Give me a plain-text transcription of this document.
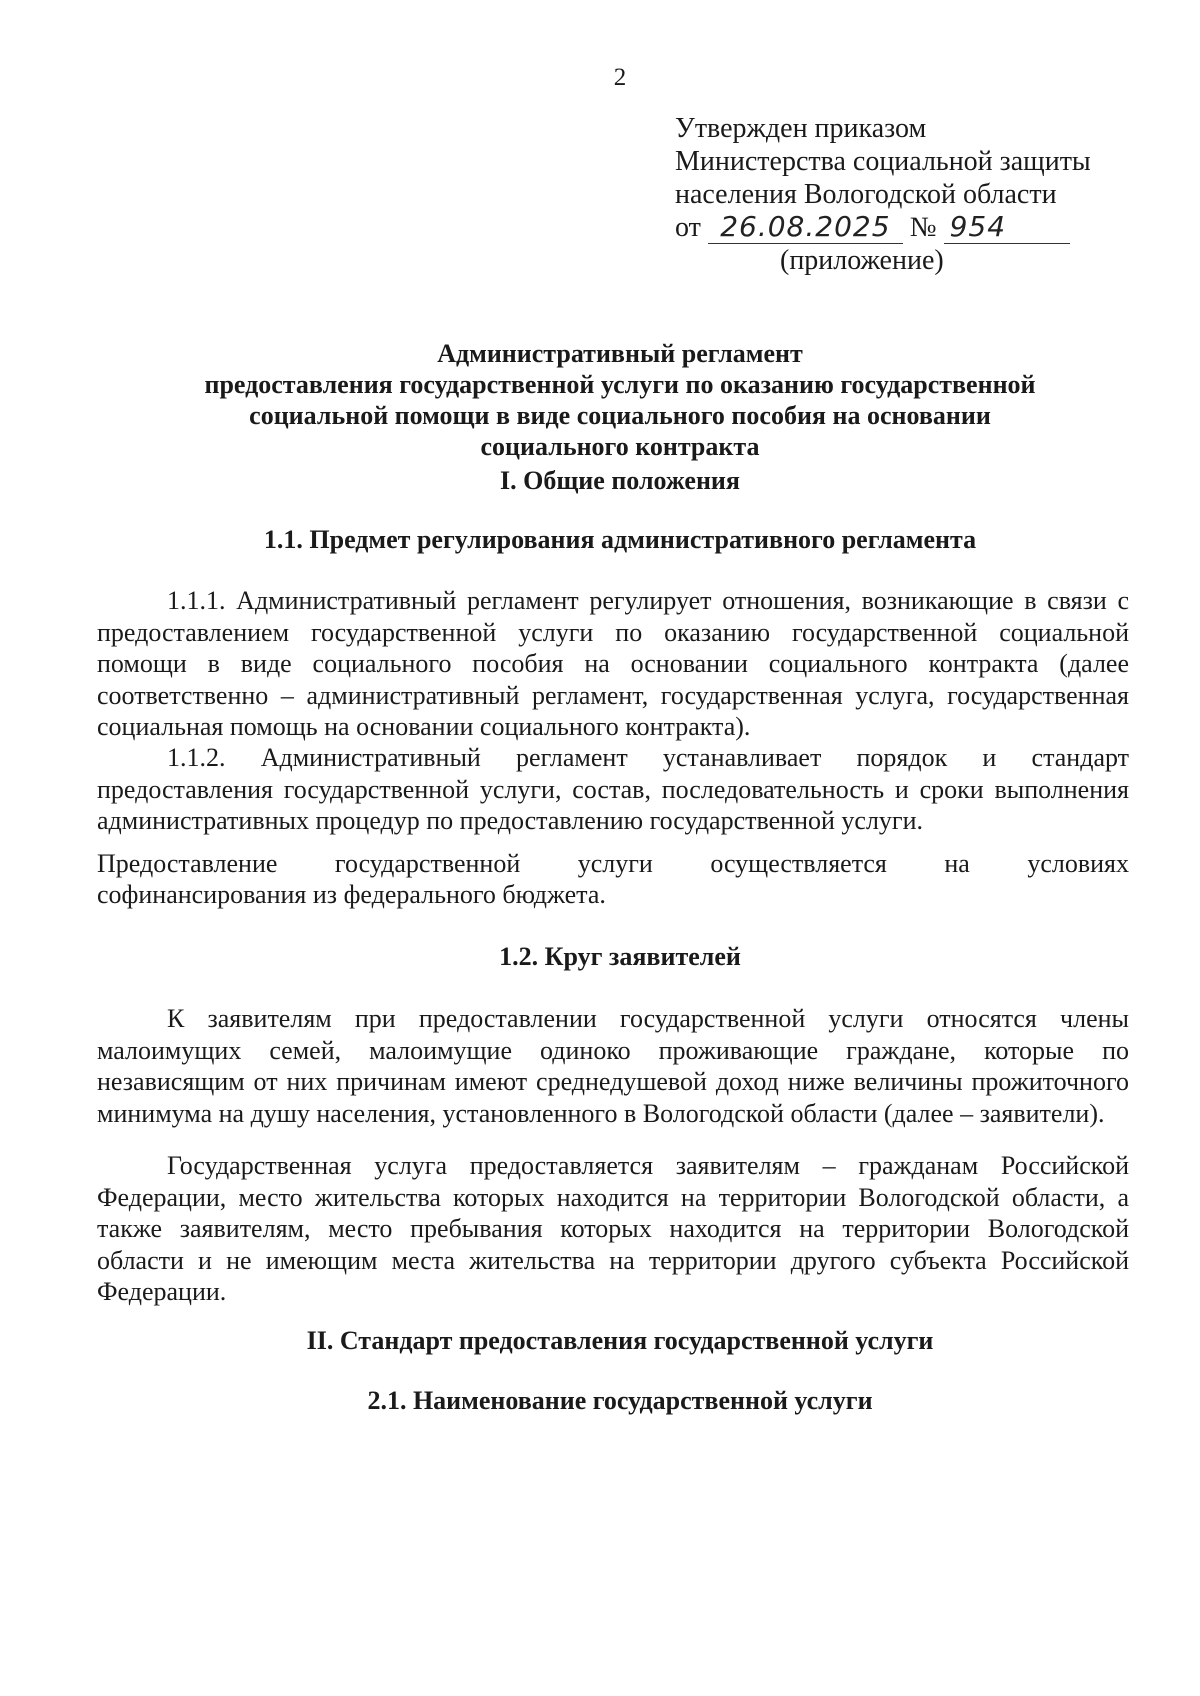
2
Утвержден приказом
Министерства социальной защиты
населения Вологодской области
от 26.08.2025 № 954
(приложение)
Административный регламент
предоставления государственной услуги по оказанию государственной
социальной помощи в виде социального пособия на основании
социального контракта
I. Общие положения
1.1. Предмет регулирования административного регламента

1.1.1. Административный регламент регулирует отношения, возникающие в связи с предоставлением государственной услуги по оказанию государственной социальной помощи в виде социального пособия на основании социального контракта (далее соответственно – административный регламент, государственная услуга, государственная социальная помощь на основании социального контракта).

1.1.2. Административный регламент устанавливает порядок и стандарт предоставления государственной услуги, состав, последовательность и сроки выполнения административных процедур по предоставлению государственной услуги.

Предоставление государственной услуги осуществляется на условиях

софинансирования из федерального бюджета.

1.2. Круг заявителей

К заявителям при предоставлении государственной услуги относятся члены малоимущих семей, малоимущие одиноко проживающие граждане, которые по независящим от них причинам имеют среднедушевой доход ниже величины прожиточного минимума на душу населения, установленного в Вологодской области (далее – заявители).

Государственная услуга предоставляется заявителям – гражданам Российской Федерации, место жительства которых находится на территории Вологодской области, а также заявителям, место пребывания которых находится на территории Вологодской области и не имеющим места жительства на территории другого субъекта Российской Федерации.

II. Стандарт предоставления государственной услуги
2.1. Наименование государственной услуги
